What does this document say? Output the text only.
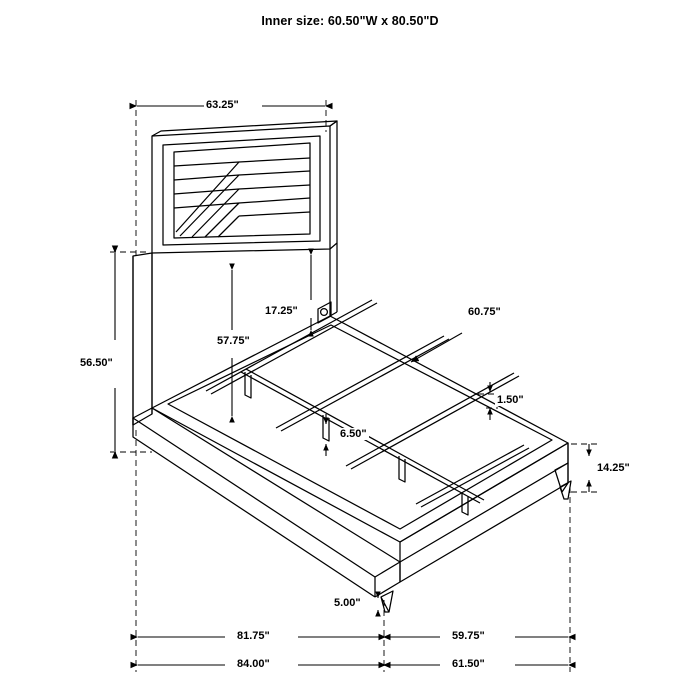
Inner size: 60.50"W x 80.50"D
63.25"
56.50"
17.25"
57.75"
60.75"
1.50"
6.50"
14.25"
5.00"
81.75"	59.75"
84.00"	61.50"
